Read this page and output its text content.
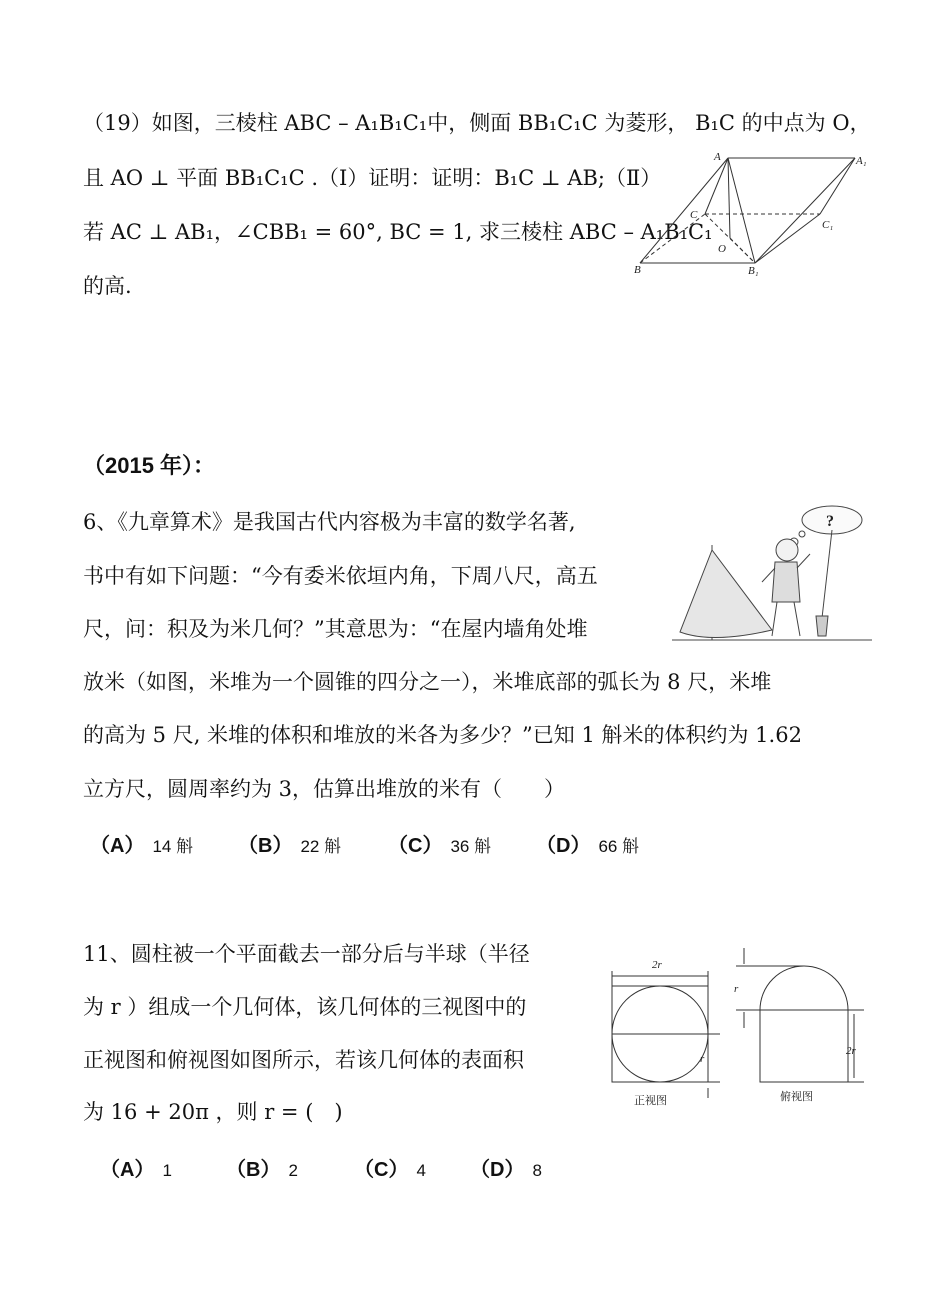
（19）如图，三棱柱 ABC – A₁B₁C₁中，侧面 BB₁C₁C 为菱形， B₁C 的中点为 O，
且 AO ⊥ 平面 BB₁C₁C .（Ⅰ）证明：证明：B₁C ⊥ AB;（Ⅱ）
若 AC ⊥ AB₁，∠CBB₁ = 60°, BC = 1, 求三棱柱 ABC – A₁B₁C₁
的高.
A	A₁
C
C₁
O
B	B₁
（2015 年）：
6、《九章算术》是我国古代内容极为丰富的数学名著,
书中有如下问题：“今有委米依垣内角，下周八尺，高五
尺，问：积及为米几何？”其意思为：“在屋内墙角处堆
放米（如图，米堆为一个圆锥的四分之一），米堆底部的弧长为 8 尺，米堆
的高为 5 尺, 米堆的体积和堆放的米各为多少？”已知 1 斛米的体积约为 1.62
立方尺，圆周率约为 3，估算出堆放的米有（　　）
（A） 14 斛 （B） 22 斛 （C） 36 斛 （D） 66 斛
?
11、圆柱被一个平面截去一部分后与半球（半径
为 r ）组成一个几何体，该几何体的三视图中的
正视图和俯视图如图所示，若该几何体的表面积
为 16 + 20π ，则 r = (　)
（A） 1	（B） 2	（C） 4 （D） 8
2r
r
r
2r
正视图	俯视图
